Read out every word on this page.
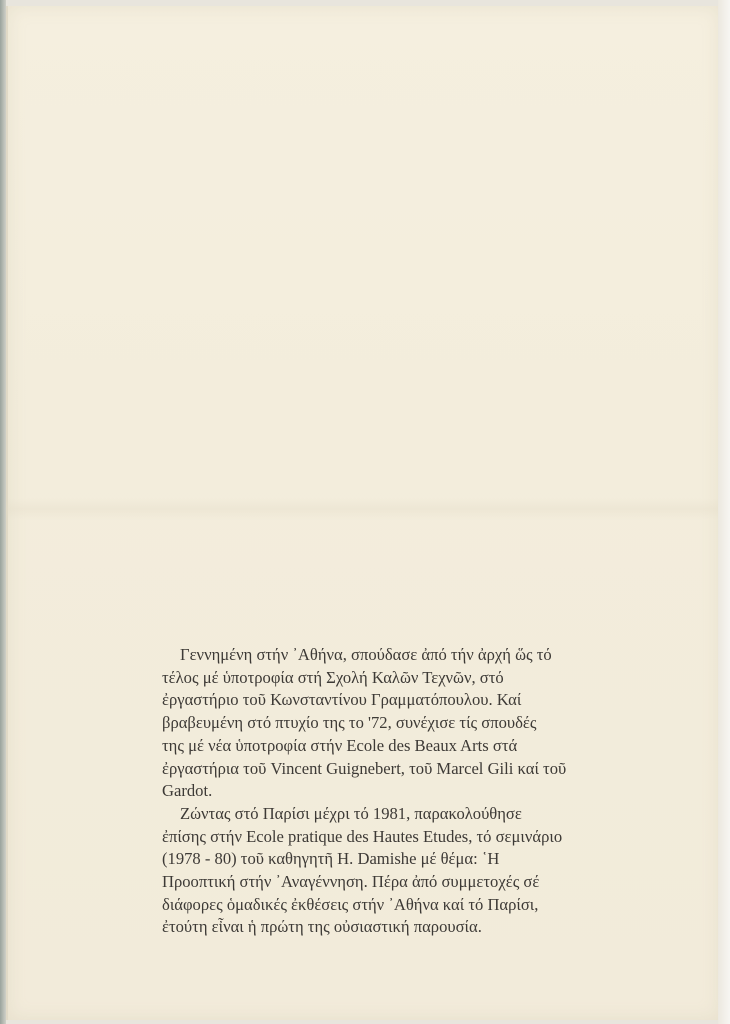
Γεννημένη στήν ᾿Αθήνα, σπούδασε ἀπό τήν ἀρχή ὥς τό
τέλος μέ ὑποτροφία στή Σχολή Καλῶν Τεχνῶν, στό
ἐργαστήριο τοῦ Κωνσταντίνου Γραμματόπουλου. Καί
βραβευμένη στό πτυχίο της το '72, συνέχισε τίς σπουδές
της μέ νέα ὑποτροφία στήν Ecole des Beaux Arts στά
ἐργαστήρια τοῦ Vincent Guignebert, τοῦ Marcel Gili καί τοῦ
Gardot.

Ζώντας στό Παρίσι μέχρι τό 1981, παρακολούθησε
ἐπίσης στήν Ecole pratique des Hautes Etudes, τό σεμινάριο
(1978 - 80) τοῦ καθηγητῆ H. Damishe μέ θέμα: ῾Η
Προοπτική στήν ᾿Αναγέννηση. Πέρα ἀπό συμμετοχές σέ
διάφορες ὁμαδικές ἐκθέσεις στήν ᾿Αθήνα καί τό Παρίσι,
ἐτούτη εἶναι ἡ πρώτη της οὐσιαστική παρουσία.
